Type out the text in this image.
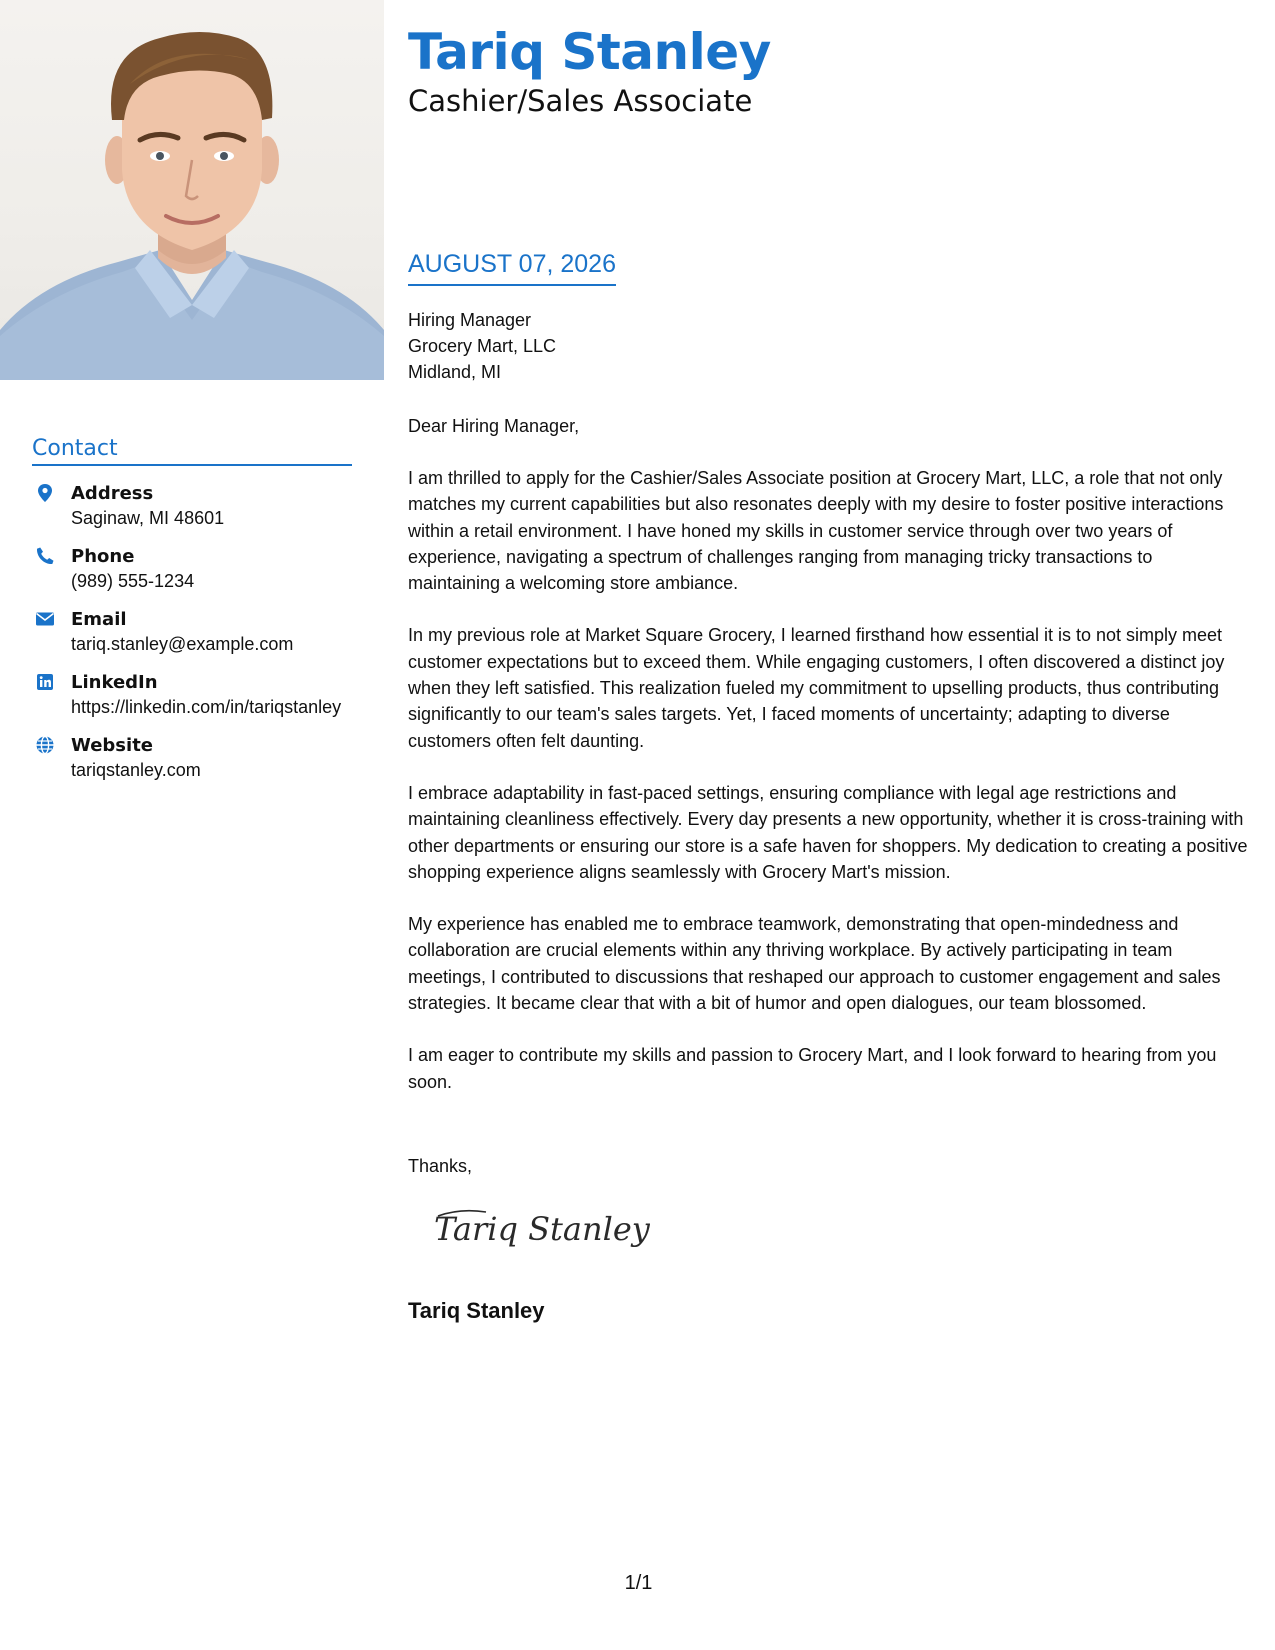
Contact
Address
Saginaw, MI 48601
Phone
(989) 555-1234
Email
tariq.stanley@example.com
LinkedIn
https://linkedin.com/in/tariqstanley
Website
tariqstanley.com
Tariq Stanley
Cashier/Sales Associate
AUGUST 07, 2026
Hiring Manager
Grocery Mart, LLC
Midland, MI
Dear Hiring Manager,

I am thrilled to apply for the Cashier/Sales Associate position at Grocery Mart, LLC, a role that not only matches my current capabilities but also resonates deeply with my desire to foster positive interactions within a retail environment. I have honed my skills in customer service through over two years of experience, navigating a spectrum of challenges ranging from managing tricky transactions to maintaining a welcoming store ambiance.

In my previous role at Market Square Grocery, I learned firsthand how essential it is to not simply meet customer expectations but to exceed them. While engaging customers, I often discovered a distinct joy when they left satisfied. This realization fueled my commitment to upselling products, thus contributing significantly to our team's sales targets. Yet, I faced moments of uncertainty; adapting to diverse customers often felt daunting.

I embrace adaptability in fast-paced settings, ensuring compliance with legal age restrictions and maintaining cleanliness effectively. Every day presents a new opportunity, whether it is cross-training with other departments or ensuring our store is a safe haven for shoppers. My dedication to creating a positive shopping experience aligns seamlessly with Grocery Mart's mission.

My experience has enabled me to embrace teamwork, demonstrating that open-mindedness and collaboration are crucial elements within any thriving workplace. By actively participating in team meetings, I contributed to discussions that reshaped our approach to customer engagement and sales strategies. It became clear that with a bit of humor and open dialogues, our team blossomed.

I am eager to contribute my skills and passion to Grocery Mart, and I look forward to hearing from you soon.

Thanks,
Tariq Stanley
Tariq Stanley
1/1
